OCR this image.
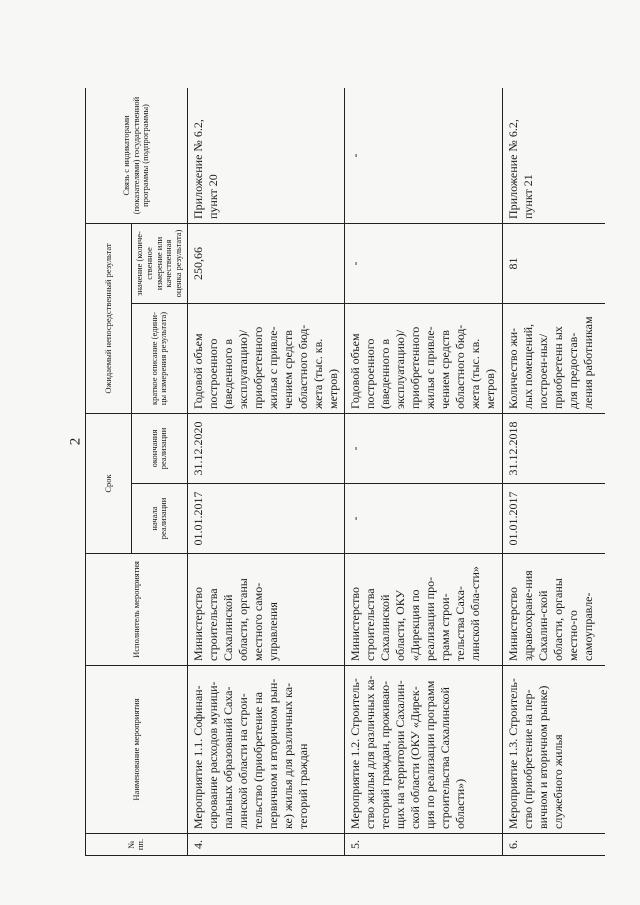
2
№ пп.	Наименование мероприятия	Исполнитель мероприятия	Срок		Ожидаемый непосредственный результат		Связь с индикаторами (показателями) государственной программы (подпрограммы)
			начала реализации	окончания реализации	краткое описание (едини-цы измерения результата)	значение (количе-ственное измерение или качественная оценка результата)	
4.	Мероприятие 1.1. Софинан-сирование расходов муници-пальных образований Саха-линской области на строи-тельство (приобретение на первичном и вторичном рын-ке) жилья для различных ка-тегорий граждан	Министерство строительства Сахалинской области, органы местного само-управления	01.01.2017	31.12.2020	Годовой объем построенного (введенного в эксплуатацию)/ приобретенного жилья с привле-чением средств областного бюд-жета (тыс. кв. метров)	250,66	Приложение № 6.2, пункт 20
5.	Мероприятие 1.2. Строитель-ство жилья для различных ка-тегорий граждан, проживаю-щих на территории Сахалин-ской области (ОКУ «Дирек-ция по реализации программ строительства Сахалинской области»)	Министерство строительства Сахалинской области, ОКУ «Дирекция по реализации про-грамм строи-тельства Саха-линской обла-сти»	-	-	Годовой объем построенного (введенного в эксплуатацию)/ приобретенного жилья с привле-чением средств областного бюд-жета (тыс. кв. метров)	-	-
6.	Мероприятие 1.3. Строитель-ство (приобретение на пер-вичном и вторичном рынке) служебного жилья	Министерство здравоохране-ния Сахалин-ской области, органы местно-го самоуправле-	01.01.2017	31.12.2018	Количество жи-лых помещений, построен-ных/приобретенн ых для предостав-ления работникам	81	Приложение № 6.2, пункт 21
